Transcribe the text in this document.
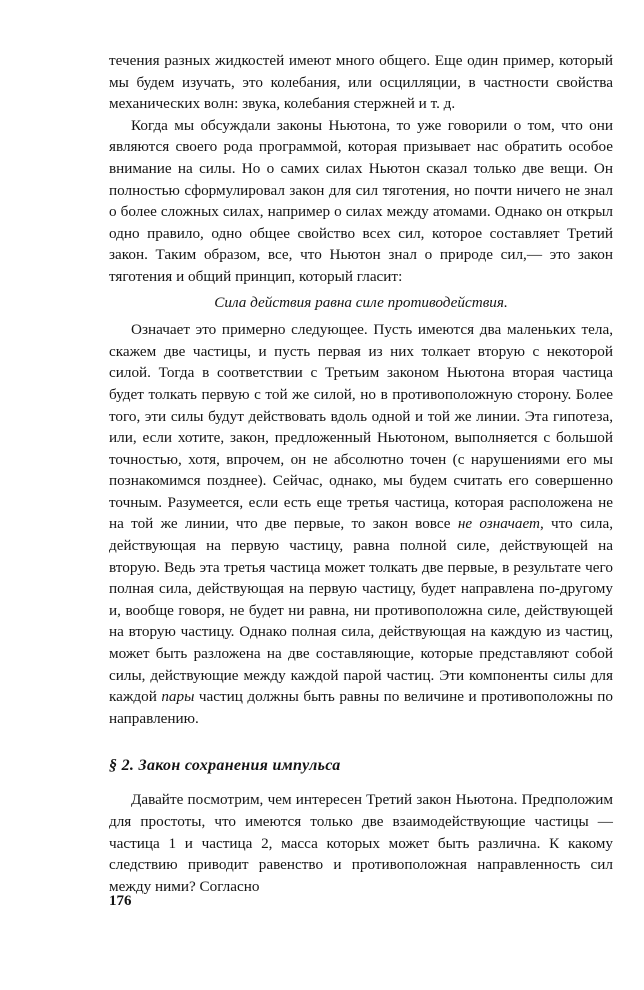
течения разных жидкостей имеют много общего. Еще один пример, который мы будем изучать, это колебания, или осцилляции, в частности свойства механических волн: звука, колебания стержней и т. д.

Когда мы обсуждали законы Ньютона, то уже говорили о том, что они являются своего рода программой, которая призывает нас обратить особое внимание на силы. Но о самих силах Ньютон сказал только две вещи. Он полностью сформулировал закон для сил тяготения, но почти ничего не знал о более сложных силах, например о силах между атомами. Однако он открыл одно правило, одно общее свойство всех сил, которое составляет Третий закон. Таким образом, все, что Ньютон знал о природе сил,— это закон тяготения и общий принцип, который гласит:

Сила действия равна силе противодействия.

Означает это примерно следующее. Пусть имеются два маленьких тела, скажем две частицы, и пусть первая из них толкает вторую с некоторой силой. Тогда в соответствии с Третьим законом Ньютона вторая частица будет толкать первую с той же силой, но в противоположную сторону. Более того, эти силы будут действовать вдоль одной и той же линии. Эта гипотеза, или, если хотите, закон, предложенный Ньютоном, выполняется с большой точностью, хотя, впрочем, он не абсолютно точен (с нарушениями его мы познакомимся позднее). Сейчас, однако, мы будем считать его совершенно точным. Разумеется, если есть еще третья частица, которая расположена не на той же линии, что две первые, то закон вовсе не означает, что сила, действующая на первую частицу, равна полной силе, действующей на вторую. Ведь эта третья частица может толкать две первые, в результате чего полная сила, действующая на первую частицу, будет направлена по-другому и, вообще говоря, не будет ни равна, ни противоположна силе, действующей на вторую частицу. Однако полная сила, действующая на каждую из частиц, может быть разложена на две составляющие, которые представляют собой силы, действующие между каждой парой частиц. Эти компоненты силы для каждой пары частиц должны быть равны по величине и противоположны по направлению.

§ 2. Закон сохранения импульса

Давайте посмотрим, чем интересен Третий закон Ньютона. Предположим для простоты, что имеются только две взаимодействующие частицы — частица 1 и частица 2, масса которых может быть различна. К какому следствию приводит равенство и противоположная направленность сил между ними? Согласно

176
